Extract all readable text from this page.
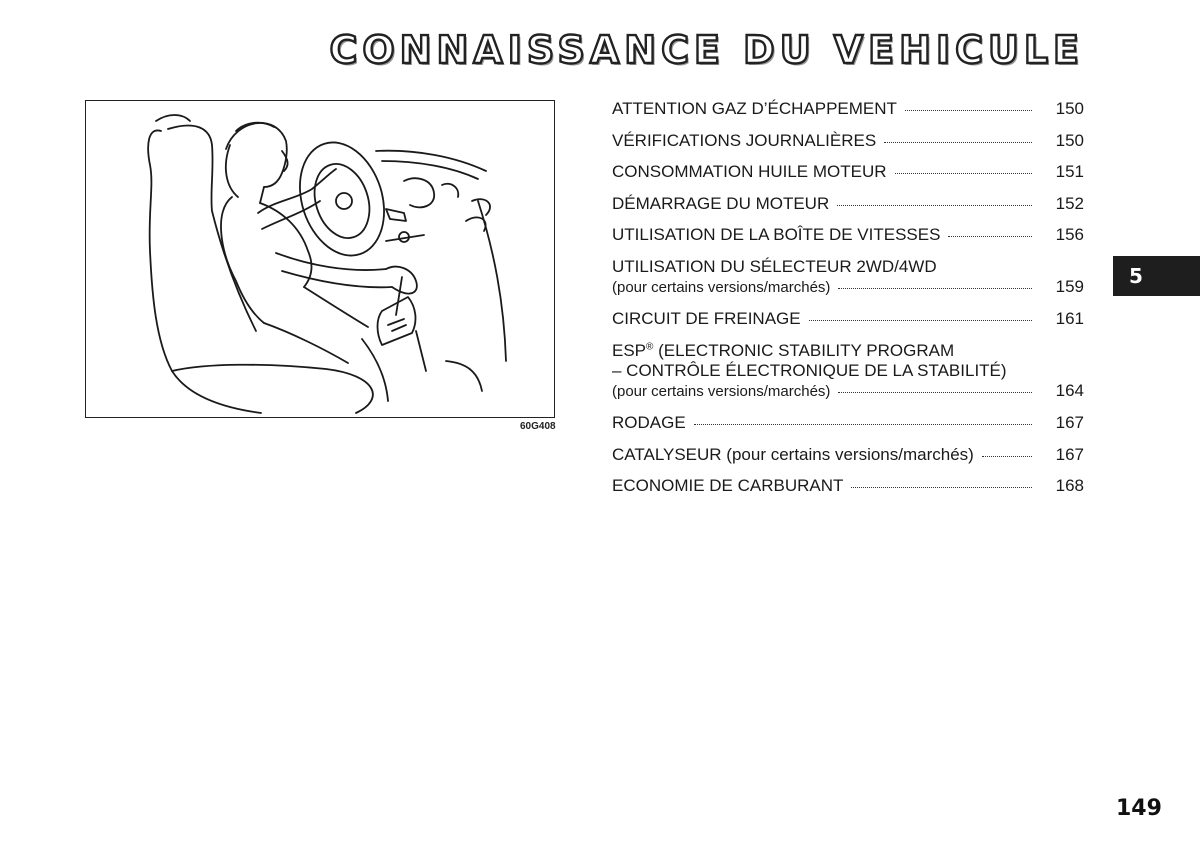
CONNAISSANCE DU VEHICULE
60G408
ATTENTION GAZ D’ÉCHAPPEMENT	150
VÉRIFICATIONS JOURNALIÈRES	150
CONSOMMATION HUILE MOTEUR	151
DÉMARRAGE DU MOTEUR	152
UTILISATION DE LA BOÎTE DE VITESSES	156
UTILISATION DU SÉLECTEUR 2WD/4WD
(pour certains versions/marchés)	159
CIRCUIT DE FREINAGE	161
ESP® (ELECTRONIC STABILITY PROGRAM
– CONTRÔLE ÉLECTRONIQUE DE LA STABILITÉ)
(pour certains versions/marchés)	164
RODAGE	167
CATALYSEUR (pour certains versions/marchés)	167
ECONOMIE DE CARBURANT	168
5
149
